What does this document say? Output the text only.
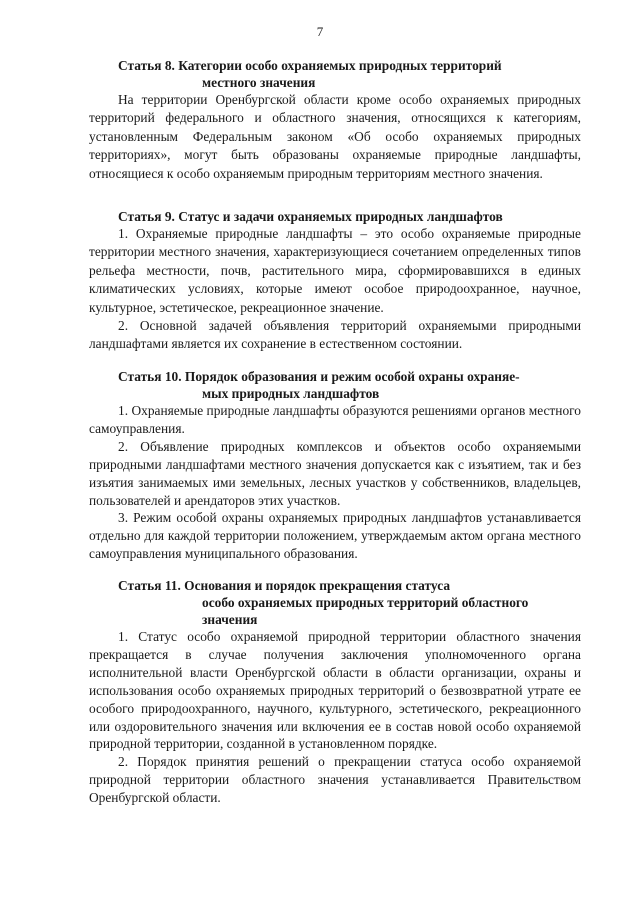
7
Статья 8. Категории особо охраняемых природных территорий
местного значения

На территории Оренбургской области кроме особо охраняемых природных территорий федерального и областного значения, относящихся к категориям, установленным Федеральным законом «Об особо охраняемых природных территориях», могут быть образованы охраняемые природные ландшафты, относящиеся к особо охраняемым природным территориям местного значения.

Статья 9. Статус и задачи охраняемых природных ландшафтов

1. Охраняемые природные ландшафты – это особо охраняемые природные территории местного значения, характеризующиеся сочетанием определенных типов рельефа местности, почв, растительного мира, сформировавшихся в единых климатических условиях, которые имеют особое природоохранное, научное, культурное, эстетическое, рекреационное значение.

2. Основной задачей объявления территорий охраняемыми природными ландшафтами является их сохранение в естественном состоянии.

Статья 10. Порядок образования и режим особой охраны охраняе-
мых природных ландшафтов

1. Охраняемые природные ландшафты образуются решениями органов местного самоуправления.

2. Объявление природных комплексов и объектов особо охраняемыми природными ландшафтами местного значения допускается как с изъятием, так и без изъятия занимаемых ими земельных, лесных участков у собственников, владельцев, пользователей и арендаторов этих участков.

3. Режим особой охраны охраняемых природных ландшафтов устанавливается отдельно для каждой территории положением, утверждаемым актом органа местного самоуправления муниципального образования.

Статья 11. Основания и порядок прекращения статуса
особо охраняемых природных территорий областного
значения

1. Статус особо охраняемой природной территории областного значения прекращается в случае получения заключения уполномоченного органа исполнительной власти Оренбургской области в области организации, охраны и использования особо охраняемых природных территорий о безвозвратной утрате ее особого природоохранного, научного, культурного, эстетического, рекреационного или оздоровительного значения или включения ее в состав новой особо охраняемой природной территории, созданной в установленном порядке.

2. Порядок принятия решений о прекращении статуса особо охраняемой природной территории областного значения устанавливается Правительством Оренбургской области.
